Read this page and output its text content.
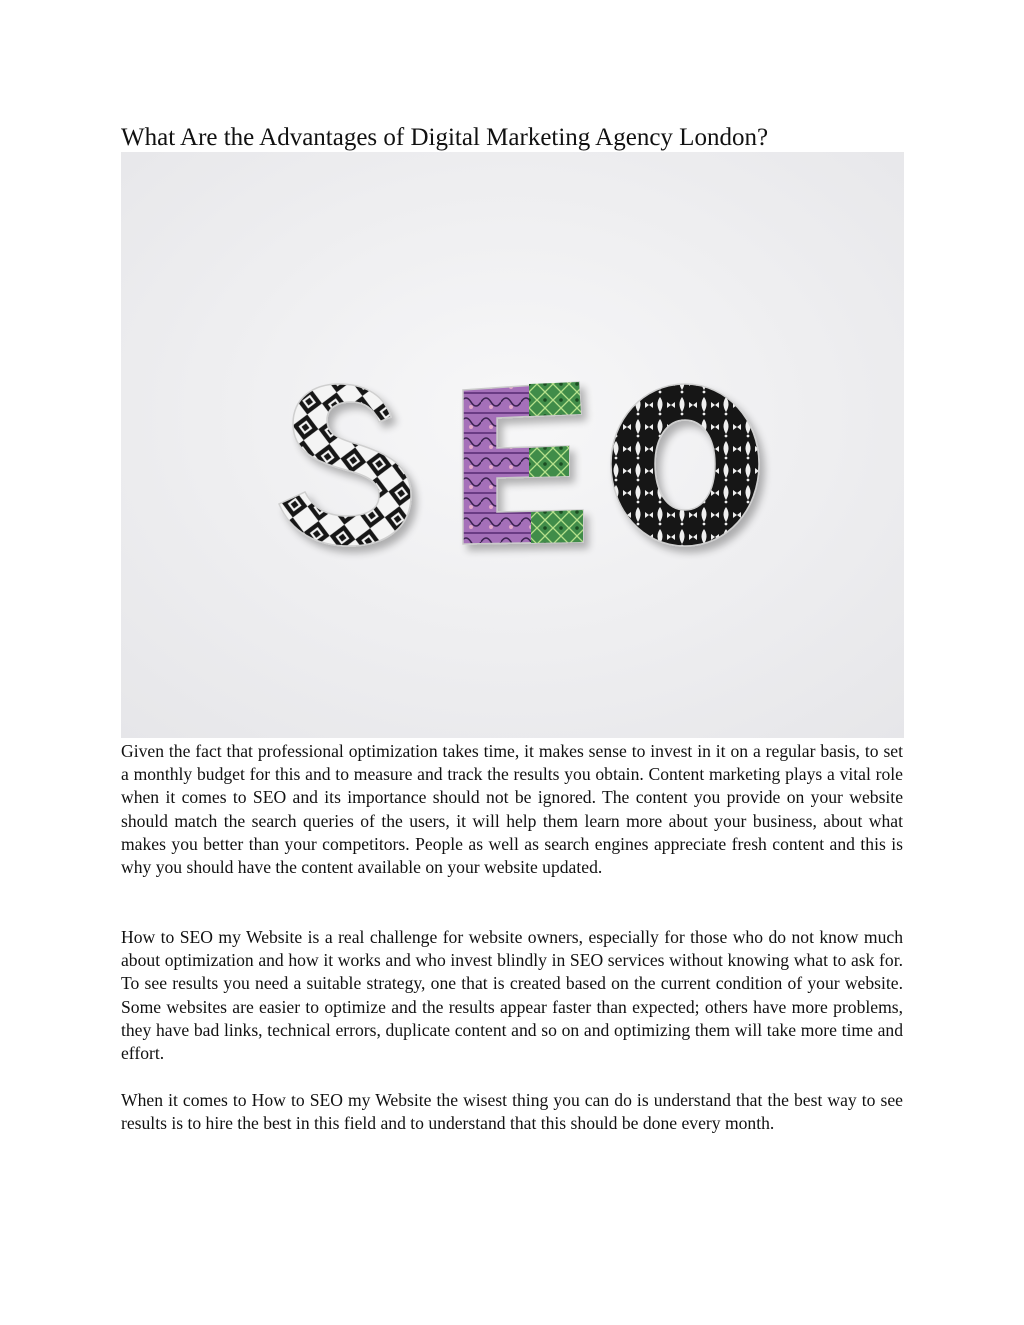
What Are the Advantages of Digital Marketing Agency London?

Given the fact that professional optimization takes time, it makes sense to invest in it on a regular basis, to set a monthly budget for this and to measure and track the results you obtain. Content marketing plays a vital role when it comes to SEO and its importance should not be ignored. The content you provide on your website should match the search queries of the users, it will help them learn more about your business, about what makes you better than your competitors. People as well as search engines appreciate fresh content and this is why you should have the content available on your website updated.

How to SEO my Website is a real challenge for website owners, especially for those who do not know much about optimization and how it works and who invest blindly in SEO services without knowing what to ask for. To see results you need a suitable strategy, one that is created based on the current condition of your website. Some websites are easier to optimize and the results appear faster than expected; others have more problems, they have bad links, technical errors, duplicate content and so on and optimizing them will take more time and effort.

When it comes to How to SEO my Website the wisest thing you can do is understand that the best way to see results is to hire the best in this field and to understand that this should be done every month.
